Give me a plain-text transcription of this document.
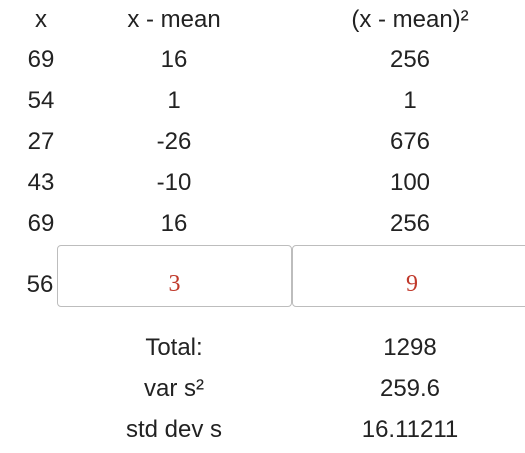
x	x - mean	(x - mean)²
69	16	256
54	1	1
27	-26	676
43	-10	100
69	16	256
56	3	9
Total:	1298
var s²	259.6
std dev s	16.11211
